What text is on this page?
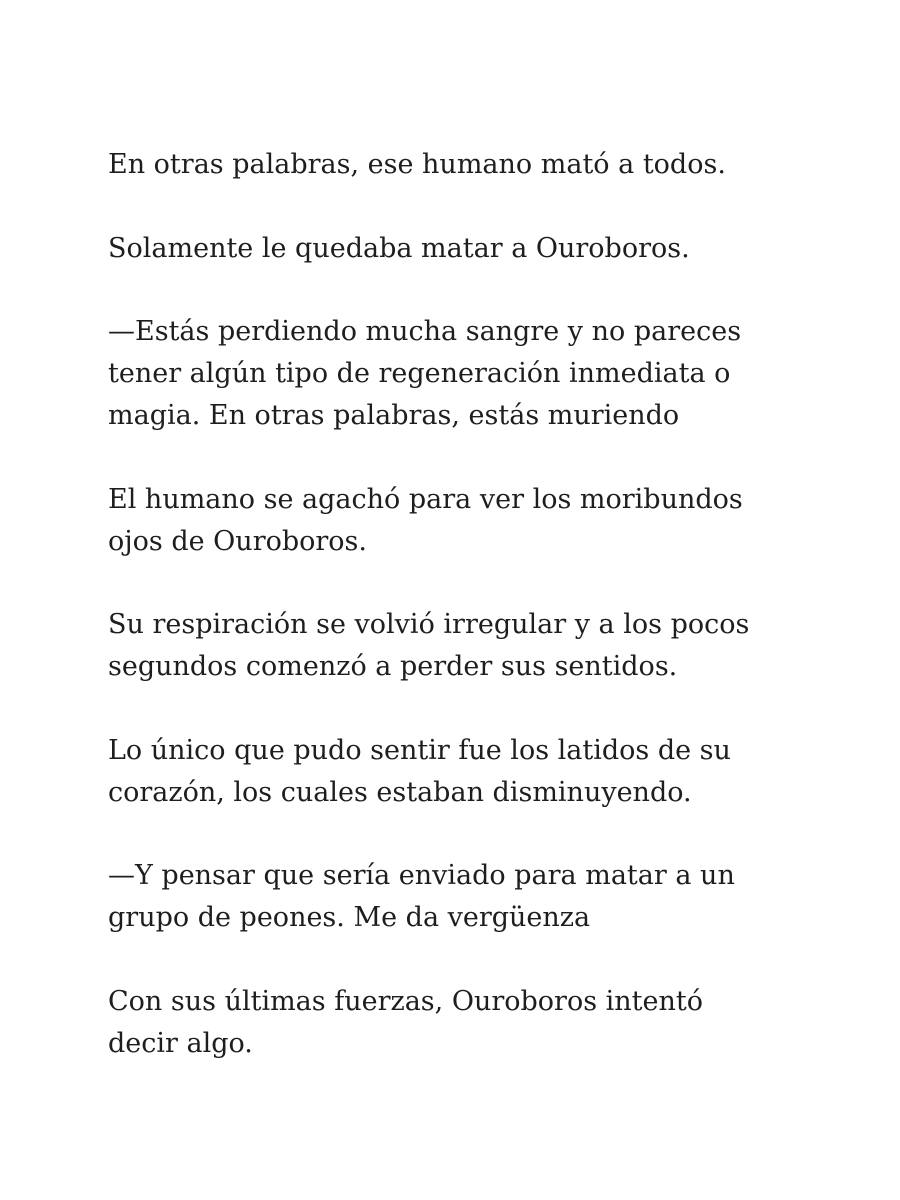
En otras palabras, ese humano mató a todos.

Solamente le quedaba matar a Ouroboros.

—Estás perdiendo mucha sangre y no pareces
tener algún tipo de regeneración inmediata o
magia. En otras palabras, estás muriendo

El humano se agachó para ver los moribundos
ojos de Ouroboros.

Su respiración se volvió irregular y a los pocos
segundos comenzó a perder sus sentidos.

Lo único que pudo sentir fue los latidos de su
corazón, los cuales estaban disminuyendo.

—Y pensar que sería enviado para matar a un
grupo de peones. Me da vergüenza

Con sus últimas fuerzas, Ouroboros intentó
decir algo.
